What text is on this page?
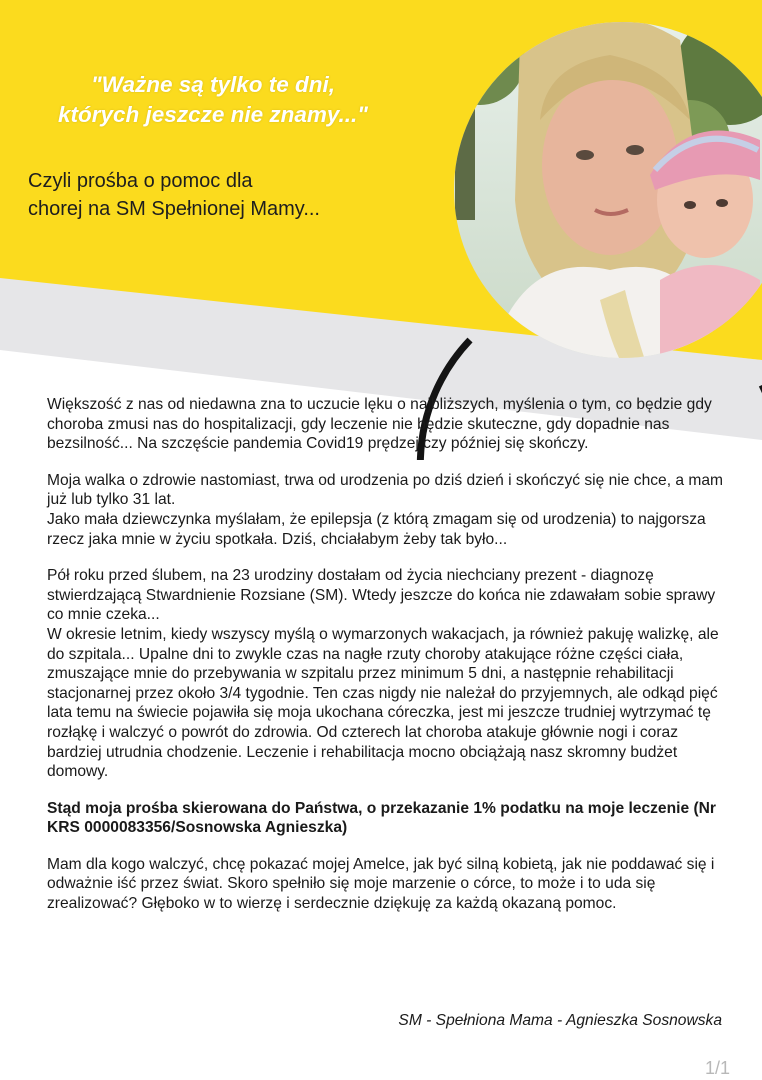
"Ważne są tylko te dni,
których jeszcze nie znamy..."
Czyli prośba o pomoc dla
chorej na SM Spełnionej Mamy...

Większość z nas od niedawna zna to uczucie lęku o najbliższych, myślenia o tym, co będzie gdy choroba zmusi nas do hospitalizacji, gdy leczenie nie będzie skuteczne, gdy dopadnie nas bezsilność... Na szczęście pandemia Covid19 prędzej czy później się skończy.

Moja walka o zdrowie nastomiast, trwa od urodzenia po dziś dzień i skończyć się nie chce, a mam już lub tylko 31 lat.

Jako mała dziewczynka myślałam, że epilepsja (z którą zmagam się od urodzenia) to najgorsza rzecz jaka mnie w życiu spotkała. Dziś, chciałabym żeby tak było...

Pół roku przed ślubem, na 23 urodziny dostałam od życia niechciany prezent - diagnozę stwierdzającą Stwardnienie Rozsiane (SM). Wtedy jeszcze do końca nie zdawałam sobie sprawy co mnie czeka...

W okresie letnim, kiedy wszyscy myślą o wymarzonych wakacjach, ja również pakuję walizkę, ale do szpitala... Upalne dni to zwykle czas na nagłe rzuty choroby atakujące różne części ciała, zmuszające mnie do przebywania w szpitalu przez minimum 5 dni, a następnie rehabilitacji stacjonarnej przez około 3/4 tygodnie. Ten czas nigdy nie należał do przyjemnych, ale odkąd pięć lata temu na świecie pojawiła się moja ukochana córeczka, jest mi jeszcze trudniej wytrzymać tę rozłąkę i walczyć o powrót do zdrowia. Od czterech lat choroba atakuje głównie nogi i coraz bardziej utrudnia chodzenie. Leczenie i rehabilitacja mocno obciążają nasz skromny budżet domowy.

Stąd moja prośba skierowana do Państwa, o przekazanie 1% podatku na moje leczenie (Nr KRS 0000083356/Sosnowska Agnieszka)

Mam dla kogo walczyć, chcę pokazać mojej Amelce, jak być silną kobietą, jak nie poddawać się i odważnie iść przez świat. Skoro spełniło się moje marzenie o córce, to może i to uda się zrealizować? Głęboko w to wierzę i serdecznie dziękuję za każdą okazaną pomoc.

SM - Spełniona Mama - Agnieszka Sosnowska
1/1
